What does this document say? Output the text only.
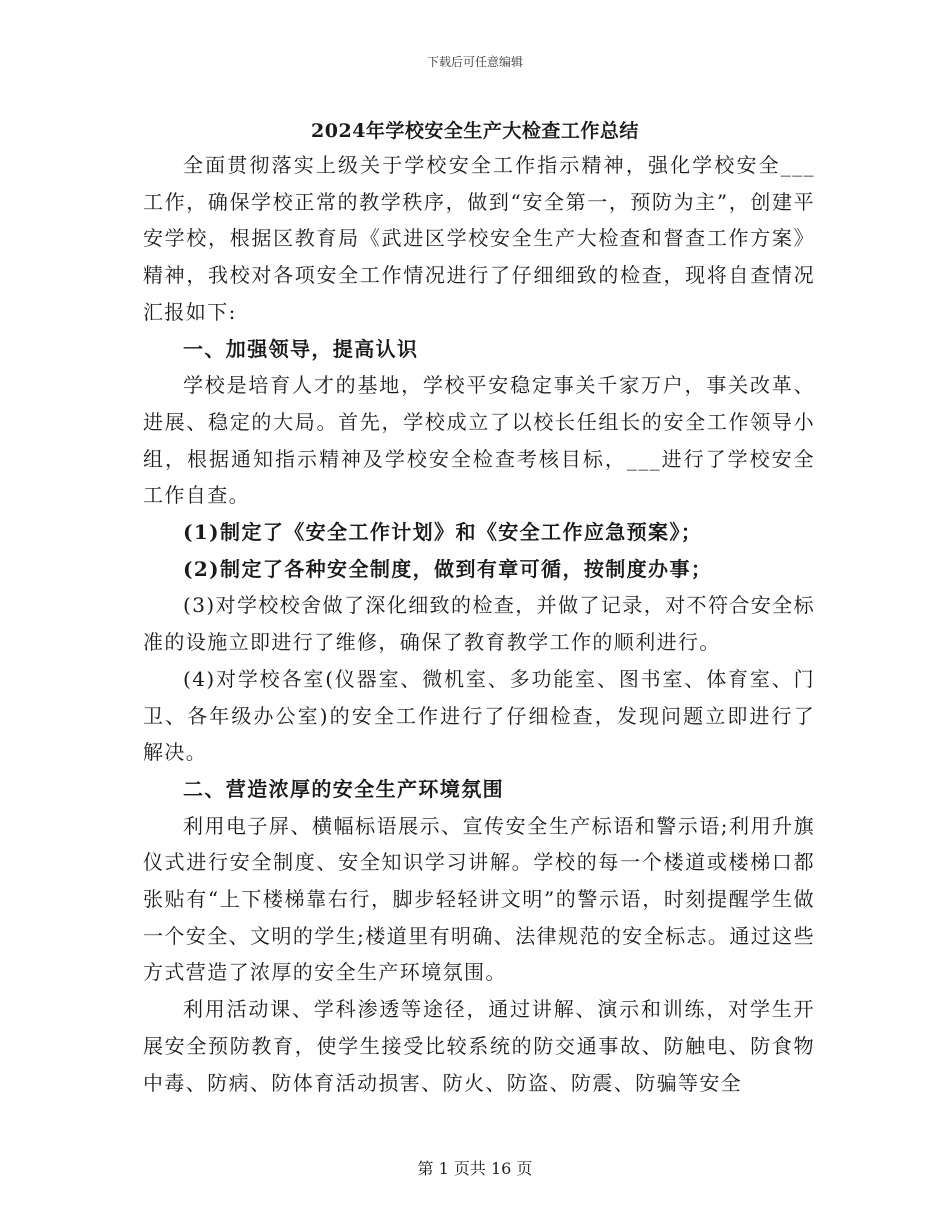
下载后可任意编辑
2024年学校安全生产大检查工作总结

全面贯彻落实上级关于学校安全工作指示精神，强化学校安全___工作，确保学校正常的教学秩序，做到“安全第一，预防为主”，创建平安学校，根据区教育局《武进区学校安全生产大检查和督查工作方案》精神，我校对各项安全工作情况进行了仔细细致的检查，现将自查情况汇报如下:

一、加强领导，提高认识

学校是培育人才的基地，学校平安稳定事关千家万户，事关改革、进展、稳定的大局。首先，学校成立了以校长任组长的安全工作领导小组，根据通知指示精神及学校安全检查考核目标，___进行了学校安全工作自查。

(1)制定了《安全工作计划》和《安全工作应急预案》；

(2)制定了各种安全制度，做到有章可循，按制度办事；

(3)对学校校舍做了深化细致的检查，并做了记录，对不符合安全标准的设施立即进行了维修，确保了教育教学工作的顺利进行。

(4)对学校各室(仪器室、微机室、多功能室、图书室、体育室、门卫、各年级办公室)的安全工作进行了仔细检查，发现问题立即进行了解决。

二、营造浓厚的安全生产环境氛围

利用电子屏、横幅标语展示、宣传安全生产标语和警示语;利用升旗仪式进行安全制度、安全知识学习讲解。学校的每一个楼道或楼梯口都张贴有“上下楼梯靠右行，脚步轻轻讲文明”的警示语，时刻提醒学生做一个安全、文明的学生;楼道里有明确、法律规范的安全标志。通过这些方式营造了浓厚的安全生产环境氛围。

利用活动课、学科渗透等途径，通过讲解、演示和训练，对学生开展安全预防教育，使学生接受比较系统的防交通事故、防触电、防食物中毒、防病、防体育活动损害、防火、防盗、防震、防骗等安全

第 1 页共 16 页
